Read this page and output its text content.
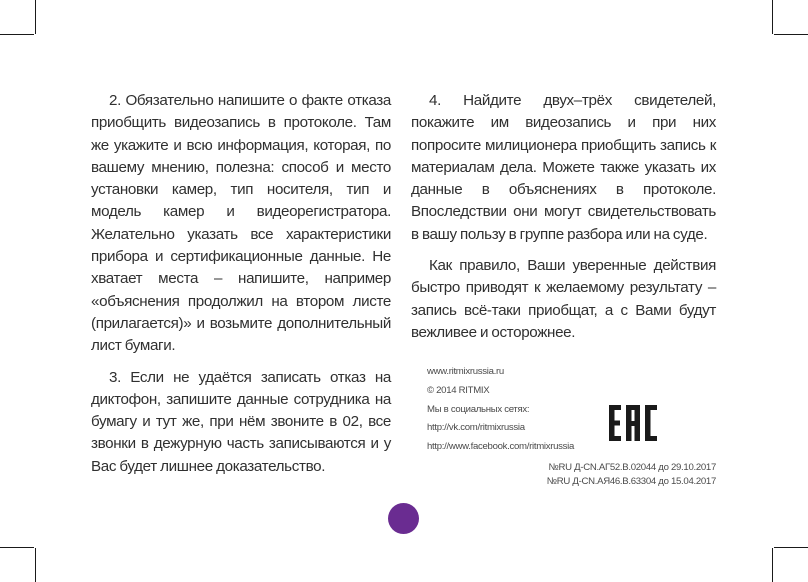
2. Обязательно напишите о факте отказа приобщить видеозапись в протоколе. Там же укажите и всю информация, которая, по вашему мнению, полезна: способ и место установки камер, тип носителя, тип и модель камер и видеорегистратора. Желательно указать все характеристики прибора и сертификационные данные. Не хватает места – напишите, например «объяснения продолжил на втором листе (прилагается)» и возьмите дополнительный лист бумаги.

3. Если не удаётся записать отказ на диктофон, запишите данные сотрудника на бумагу и тут же, при нём звоните в 02, все звонки в дежурную часть записываются и у Вас будет лишнее доказательство.

4. Найдите двух–трёх свидетелей, покажите им видеозапись и при них попросите милиционера приобщить запись к материалам дела. Можете также указать их данные в объяснениях в протоколе. Впоследствии они могут свидетельствовать в вашу пользу в группе разбора или на суде.

Как правило, Ваши уверенные действия быстро приводят к желаемому результату – запись всё-таки приобщат, а с Вами будут вежливее и осторожнее.

www.ritmixrussia.ru
© 2014 RITMIX
Мы в социальных сетях:
http://vk.com/ritmixrussia
http://www.facebook.com/ritmixrussia
№RU Д-CN.АГ52.В.02044 до 29.10.2017
№RU Д-CN.АЯ46.В.63304 до 15.04.2017
